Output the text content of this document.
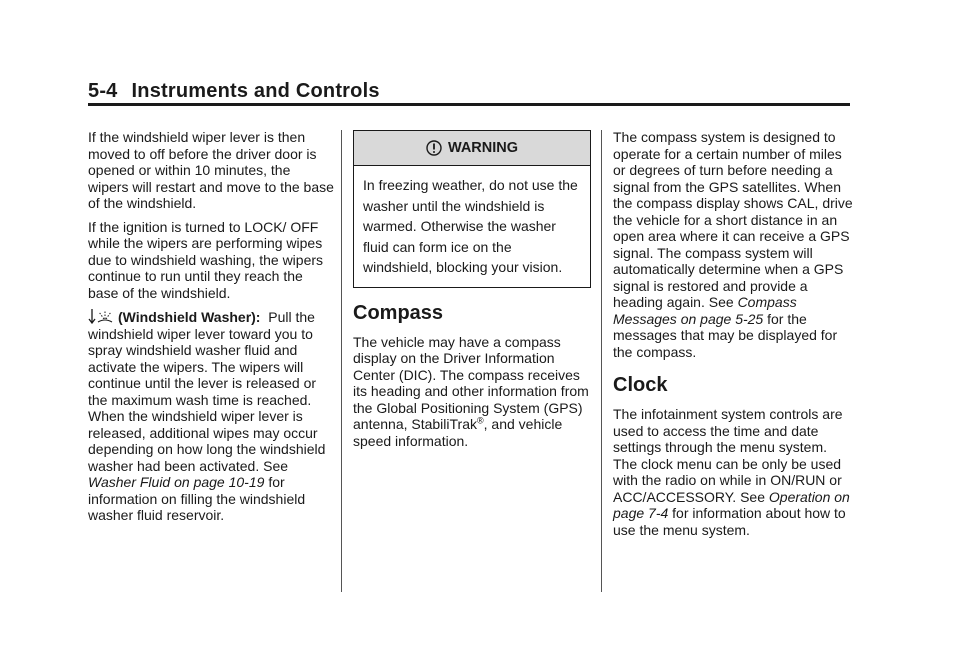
5-4 Instruments and Controls

If the windshield wiper lever is then moved to off before the driver door is opened or within 10 minutes, the wipers will restart and move to the base of the windshield.

If the ignition is turned to LOCK/ OFF while the wipers are performing wipes due to windshield washing, the wipers continue to run until they reach the base of the windshield.

(Windshield Washer): Pull the windshield wiper lever toward you to spray windshield washer fluid and activate the wipers. The wipers will continue until the lever is released or the maximum wash time is reached. When the windshield wiper lever is released, additional wipes may occur depending on how long the windshield washer had been activated. See Washer Fluid on page 10-19 for information on filling the windshield washer fluid reservoir.

WARNING
In freezing weather, do not use the washer until the windshield is warmed. Otherwise the washer fluid can form ice on the windshield, blocking your vision.
Compass

The vehicle may have a compass display on the Driver Information Center (DIC). The compass receives its heading and other information from the Global Positioning System (GPS) antenna, StabiliTrak®, and vehicle speed information.

The compass system is designed to operate for a certain number of miles or degrees of turn before needing a signal from the GPS satellites. When the compass display shows CAL, drive the vehicle for a short distance in an open area where it can receive a GPS signal. The compass system will automatically determine when a GPS signal is restored and provide a heading again. See Compass Messages on page 5-25 for the messages that may be displayed for the compass.

Clock

The infotainment system controls are used to access the time and date settings through the menu system. The clock menu can be only be used with the radio on while in ON/RUN or ACC/ACCESSORY. See Operation on page 7-4 for information about how to use the menu system.
